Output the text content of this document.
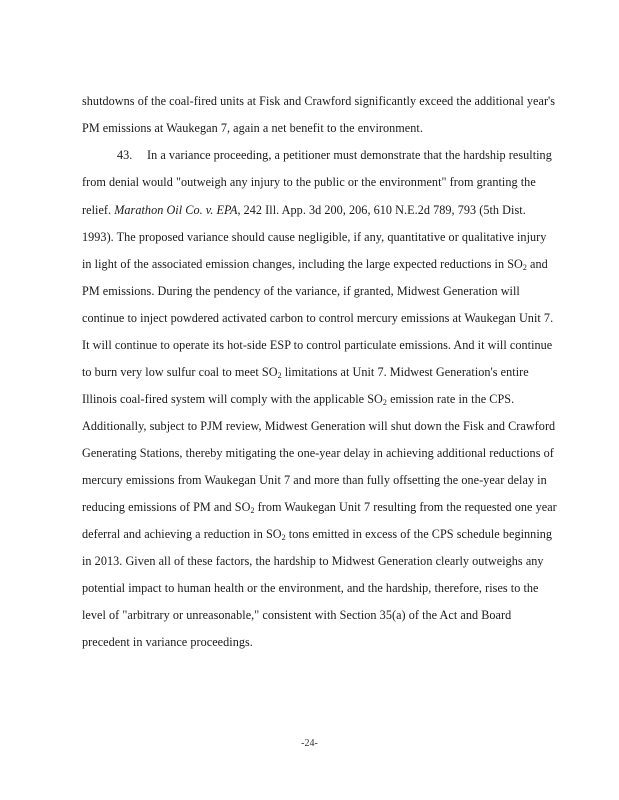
shutdowns of the coal-fired units at Fisk and Crawford significantly exceed the additional year's
PM emissions at Waukegan 7, again a net benefit to the environment.
43. In a variance proceeding, a petitioner must demonstrate that the hardship resulting
from denial would "outweigh any injury to the public or the environment" from granting the
relief. Marathon Oil Co. v. EPA, 242 Ill. App. 3d 200, 206, 610 N.E.2d 789, 793 (5th Dist.
1993). The proposed variance should cause negligible, if any, quantitative or qualitative injury
in light of the associated emission changes, including the large expected reductions in $SO_2$ and
PM emissions. During the pendency of the variance, if granted, Midwest Generation will
continue to inject powdered activated carbon to control mercury emissions at Waukegan Unit 7.
It will continue to operate its hot-side ESP to control particulate emissions. And it will continue
to burn very low sulfur coal to meet $SO_2$ limitations at Unit 7. Midwest Generation's entire
Illinois coal-fired system will comply with the applicable $SO_2$ emission rate in the CPS.
Additionally, subject to PJM review, Midwest Generation will shut down the Fisk and Crawford
Generating Stations, thereby mitigating the one-year delay in achieving additional reductions of
mercury emissions from Waukegan Unit 7 and more than fully offsetting the one-year delay in
reducing emissions of PM and $SO_2$ from Waukegan Unit 7 resulting from the requested one year
deferral and achieving a reduction in $SO_2$ tons emitted in excess of the CPS schedule beginning
in 2013. Given all of these factors, the hardship to Midwest Generation clearly outweighs any
potential impact to human health or the environment, and the hardship, therefore, rises to the
level of "arbitrary or unreasonable," consistent with Section 35(a) of the Act and Board
precedent in variance proceedings.
-24-
